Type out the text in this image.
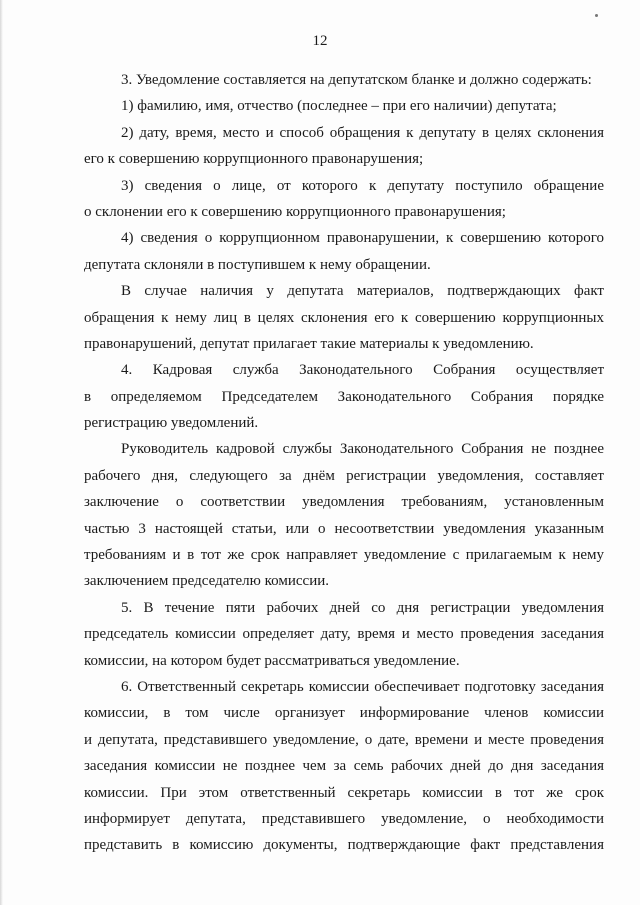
12
3. Уведомление составляется на депутатском бланке и должно содержать:
1) фамилию, имя, отчество (последнее – при его наличии) депутата;
2) дату, время, место и способ обращения к депутату в целях склонения
его к совершению коррупционного правонарушения;
3) сведения о лице, от которого к депутату поступило обращение
о склонении его к совершению коррупционного правонарушения;
4) сведения о коррупционном правонарушении, к совершению которого
депутата склоняли в поступившем к нему обращении.
В случае наличия у депутата материалов, подтверждающих факт
обращения к нему лиц в целях склонения его к совершению коррупционных
правонарушений, депутат прилагает такие материалы к уведомлению.
4. Кадровая служба Законодательного Собрания осуществляет
в определяемом Председателем Законодательного Собрания порядке
регистрацию уведомлений.
Руководитель кадровой службы Законодательного Собрания не позднее
рабочего дня, следующего за днём регистрации уведомления, составляет
заключение о соответствии уведомления требованиям, установленным
частью 3 настоящей статьи, или о несоответствии уведомления указанным
требованиям и в тот же срок направляет уведомление с прилагаемым к нему
заключением председателю комиссии.
5. В течение пяти рабочих дней со дня регистрации уведомления
председатель комиссии определяет дату, время и место проведения заседания
комиссии, на котором будет рассматриваться уведомление.
6. Ответственный секретарь комиссии обеспечивает подготовку заседания
комиссии, в том числе организует информирование членов комиссии
и депутата, представившего уведомление, о дате, времени и месте проведения
заседания комиссии не позднее чем за семь рабочих дней до дня заседания
комиссии. При этом ответственный секретарь комиссии в тот же срок
информирует депутата, представившего уведомление, о необходимости
представить в комиссию документы, подтверждающие факт представления
